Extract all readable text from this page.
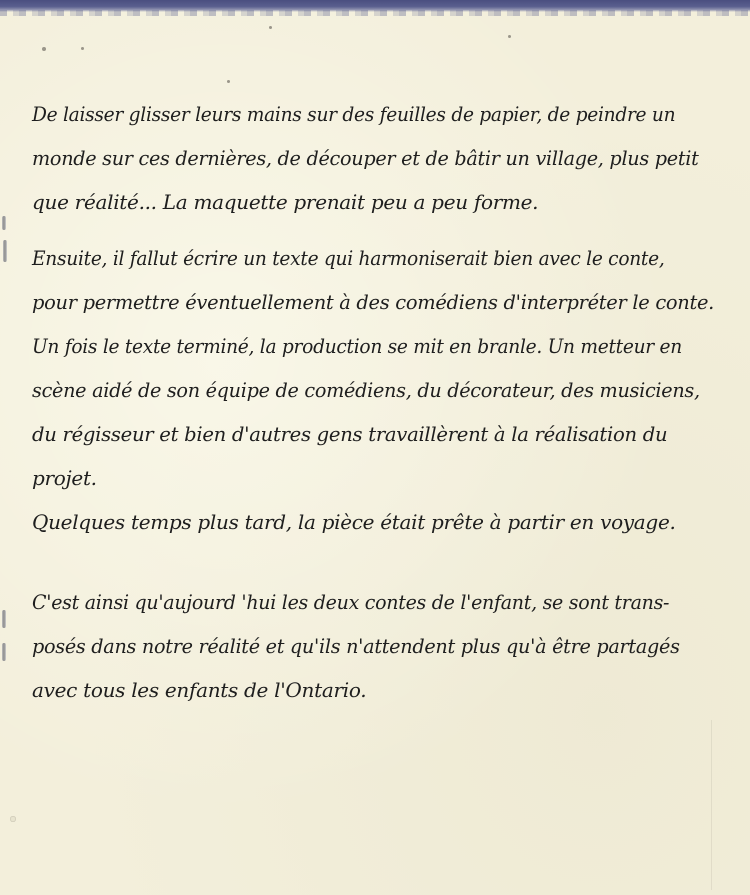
De laisser glisser leurs mains sur des feuilles de papier, de peindre un
monde sur ces dernières, de découper et de bâtir un village, plus petit
que réalité... La maquette prenait peu a peu forme.
Ensuite, il fallut écrire un texte qui harmoniserait bien avec le conte,
pour permettre éventuellement à des comédiens d'interpréter le conte.
Un fois le texte terminé, la production se mit en branle. Un metteur en
scène aidé de son équipe de comédiens, du décorateur, des musiciens,
du régisseur et bien d'autres gens travaillèrent à la réalisation du
projet.
Quelques temps plus tard, la pièce était prête à partir en voyage.
C'est ainsi qu'aujourd 'hui les deux contes de l'enfant, se sont trans-
posés dans notre réalité et qu'ils n'attendent plus qu'à être partagés
avec tous les enfants de l'Ontario.
